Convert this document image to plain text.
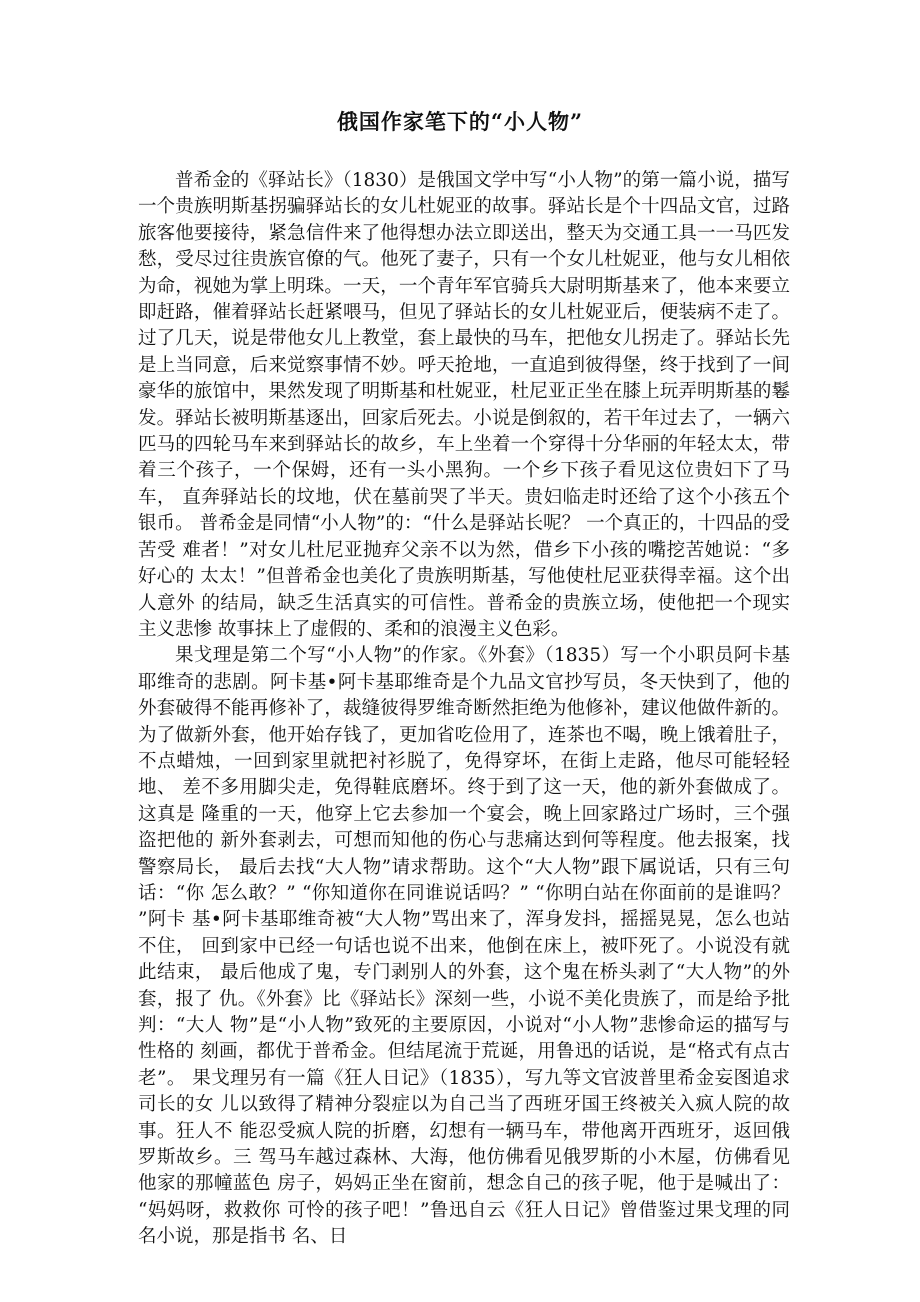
俄国作家笔下的“小人物”

普希金的《驿站长》（1830）是俄国文学中写“小人物”的第一篇小说，描写一个贵族明斯基拐骗驿站长的女儿杜妮亚的故事。驿站长是个十四品文官，过路旅客他要接待，紧急信件来了他得想办法立即送出，整天为交通工具一一马匹发愁，受尽过往贵族官僚的气。他死了妻子，只有一个女儿杜妮亚，他与女儿相依为命，视她为掌上明珠。一天，一个青年军官骑兵大尉明斯基来了，他本来要立即赶路，催着驿站长赶紧喂马，但见了驿站长的女儿杜妮亚后，便装病不走了。 过了几天，说是带他女儿上教堂，套上最快的马车，把他女儿拐走了。驿站长先 是上当同意，后来觉察事情不妙。呼天抢地，一直追到彼得堡，终于找到了一间 豪华的旅馆中，果然发现了明斯基和杜妮亚，杜尼亚正坐在膝上玩弄明斯基的鬈 发。驿站长被明斯基逐出，回家后死去。小说是倒叙的，若干年过去了，一辆六 匹马的四轮马车来到驿站长的故乡，车上坐着一个穿得十分华丽的年轻太太，带 着三个孩子，一个保姆，还有一头小黑狗。一个乡下孩子看见这位贵妇下了马车， 直奔驿站长的坟地，伏在墓前哭了半天。贵妇临走时还给了这个小孩五个银币。 普希金是同情“小人物”的：“什么是驿站长呢？ 一个真正的，十四品的受苦受 难者！”对女儿杜尼亚抛弃父亲不以为然，借乡下小孩的嘴挖苦她说：“多好心的 太太！”但普希金也美化了贵族明斯基，写他使杜尼亚获得幸福。这个出人意外 的结局，缺乏生活真实的可信性。普希金的贵族立场，使他把一个现实主义悲惨 故事抹上了虚假的、柔和的浪漫主义色彩。

果戈理是第二个写“小人物”的作家。《外套》（1835）写一个小职员阿卡基 耶维奇的悲剧。阿卡基•阿卡基耶维奇是个九品文官抄写员，冬天快到了，他的 外套破得不能再修补了，裁缝彼得罗维奇断然拒绝为他修补，建议他做件新的。 为了做新外套，他开始存钱了，更加省吃俭用了，连茶也不喝，晚上饿着肚子， 不点蜡烛，一回到家里就把衬衫脱了，免得穿坏，在街上走路，他尽可能轻轻地、 差不多用脚尖走，免得鞋底磨坏。终于到了这一天，他的新外套做成了。这真是 隆重的一天，他穿上它去参加一个宴会，晚上回家路过广场时，三个强盗把他的 新外套剥去，可想而知他的伤心与悲痛达到何等程度。他去报案，找警察局长， 最后去找“大人物”请求帮助。这个“大人物”跟下属说话，只有三句话：“你 怎么敢？” “你知道你在同谁说话吗？” “你明白站在你面前的是谁吗？ ”阿卡 基•阿卡基耶维奇被“大人物”骂出来了，浑身发抖，摇摇晃晃，怎么也站不住， 回到家中已经一句话也说不出来，他倒在床上，被吓死了。小说没有就此结束， 最后他成了鬼，专门剥别人的外套，这个鬼在桥头剥了“大人物”的外套，报了 仇。《外套》比《驿站长》深刻一些，小说不美化贵族了，而是给予批判：“大人 物”是“小人物”致死的主要原因，小说对“小人物”悲惨命运的描写与性格的 刻画，都优于普希金。但结尾流于荒诞，用鲁迅的话说，是“格式有点古老”。 果戈理另有一篇《狂人日记》（1835），写九等文官波普里希金妄图追求司长的女 儿以致得了精神分裂症以为自己当了西班牙国王终被关入疯人院的故事。狂人不 能忍受疯人院的折磨，幻想有一辆马车，带他离开西班牙，返回俄罗斯故乡。三 驾马车越过森林、大海，他仿佛看见俄罗斯的小木屋，仿佛看见他家的那幢蓝色 房子，妈妈正坐在窗前，想念自己的孩子呢，他于是喊出了： “妈妈呀，救救你 可怜的孩子吧！”鲁迅自云《狂人日记》曾借鉴过果戈理的同名小说，那是指书 名、日
